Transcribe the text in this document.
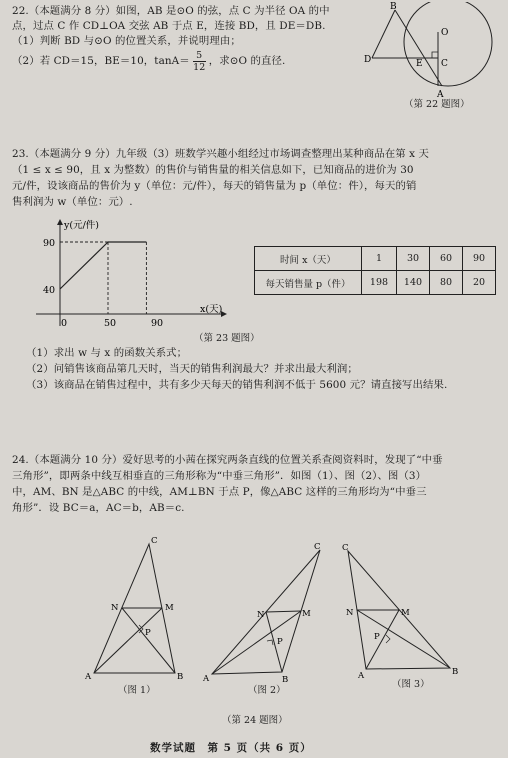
22.（本题满分 8 分）如图，AB 是⊙O 的弦，点 C 为半径 OA 的中
点，过点 C 作 CD⊥OA 交弦 AB 于点 E，连接 BD，且 DE＝DB.
（1）判断 BD 与⊙O 的位置关系，并说明理由；
（2）若 CD＝15，BE＝10，tanA＝ 5
12
，求⊙O 的直径.
B
D
O
E C
A
（第 22 题图）
23.（本题满分 9 分）九年级（3）班数学兴趣小组经过市场调查整理出某种商品在第 x 天
（1 ≤ x ≤ 90，且 x 为整数）的售价与销售量的相关信息如下，已知商品的进价为 30
元/件，设该商品的售价为 y（单位：元/件），每天的销售量为 p（单位：件），每天的销
售利润为 w（单位：元）.
y(元/件)
x(天)
0
90
40
50	90
时间 x（天）	1	30	60	90
每天销售量 p（件）	198	140	80	20
（第 23 题图）
（1）求出 w 与 x 的函数关系式；
（2）问销售该商品第几天时，当天的销售利润最大？并求出最大利润；
（3）该商品在销售过程中，共有多少天每天的销售利润不低于 5600 元？请直接写出结果.
24.（本题满分 10 分）爱好思考的小茜在探究两条直线的位置关系查阅资料时，发现了“中垂
三角形”，即两条中线互相垂直的三角形称为“中垂三角形”．如图（1）、图（2）、图（3）
中，AM、BN 是△ABC 的中线，AM⊥BN 于点 P，像△ABC 这样的三角形均为“中垂三
角形”．设 BC＝a，AC＝b，AB＝c.
C
N	M
P
A	B
C
N	M
P
A	B
C
N	M
P
A	B
（图 1）	（图 2）
（图 3）
（第 24 题图）
数学试题　第 5 页（共 6 页）
